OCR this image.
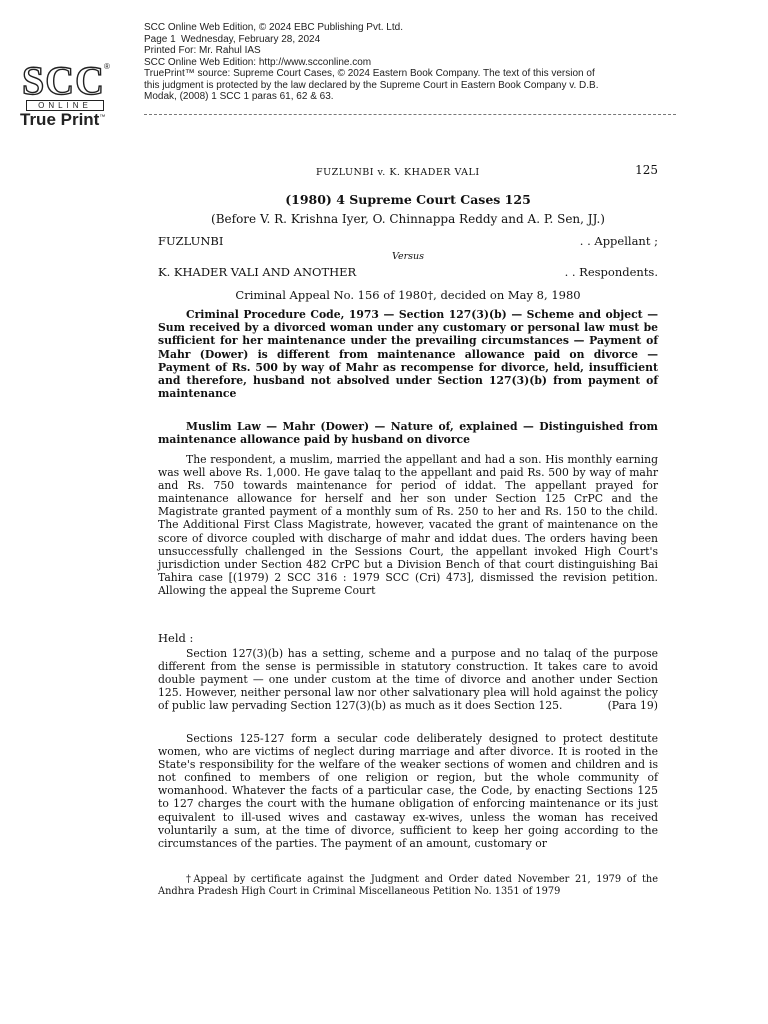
SCC
®
ONLINE
True Print™
SCC Online Web Edition, © 2024 EBC Publishing Pvt. Ltd.
Page 1 Wednesday, February 28, 2024
Printed For: Mr. Rahul IAS
SCC Online Web Edition: http://www.scconline.com
TruePrint™ source: Supreme Court Cases, © 2024 Eastern Book Company. The text of this version of
this judgment is protected by the law declared by the Supreme Court in Eastern Book Company v. D.B.
Modak, (2008) 1 SCC 1 paras 61, 62 & 63.
FUZLUNBI v. K. KHADER VALI	125
(1980) 4 Supreme Court Cases 125
(Before V. R. Krishna Iyer, O. Chinnappa Reddy and A. P. Sen, JJ.)
FUZLUNBI	. . Appellant ;
Versus
K. KHADER VALI AND ANOTHER	. . Respondents.
Criminal Appeal No. 156 of 1980†, decided on May 8, 1980

Criminal Procedure Code, 1973 — Section 127(3)(b) — Scheme and object — Sum received by a divorced woman under any customary or personal law must be sufficient for her maintenance under the prevailing circumstances — Payment of Mahr (Dower) is different from maintenance allowance paid on divorce — Payment of Rs. 500 by way of Mahr as recompense for divorce, held, insufficient and therefore, husband not absolved under Section 127(3)(b) from payment of maintenance

Muslim Law — Mahr (Dower) — Nature of, explained — Distinguished from maintenance allowance paid by husband on divorce

The respondent, a muslim, married the appellant and had a son. His monthly earning was well above Rs. 1,000. He gave talaq to the appellant and paid Rs. 500 by way of mahr and Rs. 750 towards maintenance for period of iddat. The appellant prayed for maintenance allowance for herself and her son under Section 125 CrPC and the Magistrate granted payment of a monthly sum of Rs. 250 to her and Rs. 150 to the child. The Additional First Class Magistrate, however, vacated the grant of maintenance on the score of divorce coupled with discharge of mahr and iddat dues. The orders having been unsuccessfully challenged in the Sessions Court, the appellant invoked High Court's jurisdiction under Section 482 CrPC but a Division Bench of that court distinguishing Bai Tahira case [(1979) 2 SCC 316 : 1979 SCC (Cri) 473], dismissed the revision petition. Allowing the appeal the Supreme Court

Held :

Section 127(3)(b) has a setting, scheme and a purpose and no talaq of the purpose different from the sense is permissible in statutory construction. It takes care to avoid double payment — one under custom at the time of divorce and another under Section 125. However, neither personal law nor other salvationary plea will hold against the policy of public law pervading Section 127(3)(b) as much as it does Section 125.	(Para 19)

Sections 125-127 form a secular code deliberately designed to protect destitute women, who are victims of neglect during marriage and after divorce. It is rooted in the State's responsibility for the welfare of the weaker sections of women and children and is not confined to members of one religion or region, but the whole community of womanhood. Whatever the facts of a particular case, the Code, by enacting Sections 125 to 127 charges the court with the humane obligation of enforcing maintenance or its just equivalent to ill-used wives and castaway ex-wives, unless the woman has received voluntarily a sum, at the time of divorce, sufficient to keep her going according to the circumstances of the parties. The payment of an amount, customary or

†Appeal by certificate against the Judgment and Order dated November 21, 1979 of the Andhra Pradesh High Court in Criminal Miscellaneous Petition No. 1351 of 1979
